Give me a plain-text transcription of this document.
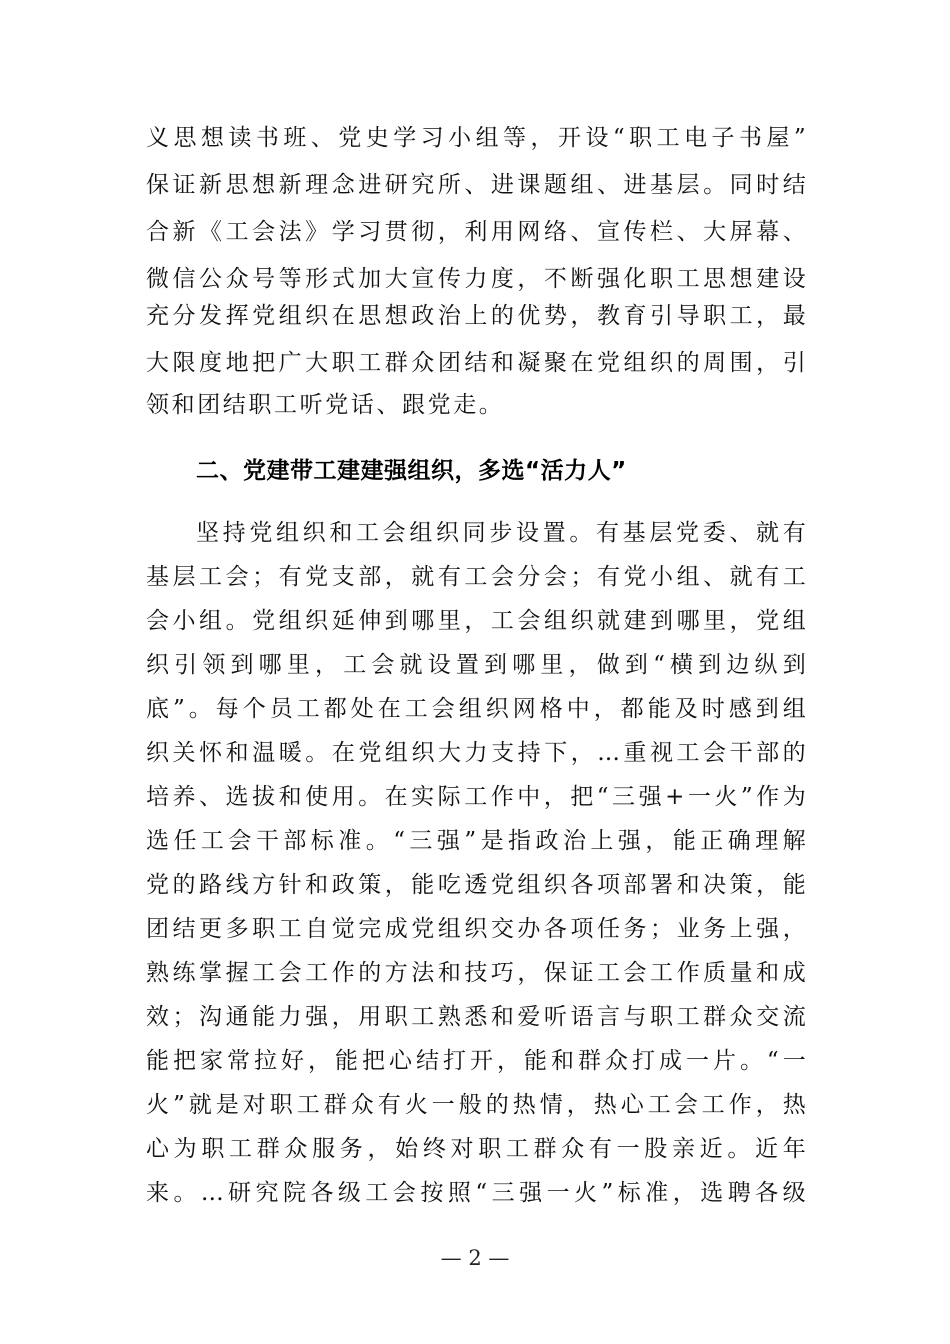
义思想读书班、党史学习小组等，开设“职工电子书屋”
保证新思想新理念进研究所、进课题组、进基层。同时结
合新《工会法》学习贯彻，利用网络、宣传栏、大屏幕、
微信公众号等形式加大宣传力度，不断强化职工思想建设
充分发挥党组织在思想政治上的优势，教育引导职工，最
大限度地把广大职工群众团结和凝聚在党组织的周围，引
领和团结职工听党话、跟党走。
二、党建带工建建强组织，多选“活力人”
坚持党组织和工会组织同步设置。有基层党委、就有
基层工会；有党支部，就有工会分会；有党小组、就有工
会小组。党组织延伸到哪里，工会组织就建到哪里，党组
织引领到哪里，工会就设置到哪里，做到“横到边纵到
底”。每个员工都处在工会组织网格中，都能及时感到组
织关怀和温暖。在党组织大力支持下，...重视工会干部的
培养、选拔和使用。在实际工作中，把“三强+一火”作为
选任工会干部标准。“三强”是指政治上强，能正确理解
党的路线方针和政策，能吃透党组织各项部署和决策，能
团结更多职工自觉完成党组织交办各项任务；业务上强，
熟练掌握工会工作的方法和技巧，保证工会工作质量和成
效；沟通能力强，用职工熟悉和爱听语言与职工群众交流
能把家常拉好，能把心结打开，能和群众打成一片。“一
火”就是对职工群众有火一般的热情，热心工会工作，热
心为职工群众服务，始终对职工群众有一股亲近。近年
来。...研究院各级工会按照“三强一火”标准，选聘各级
— 2 —
